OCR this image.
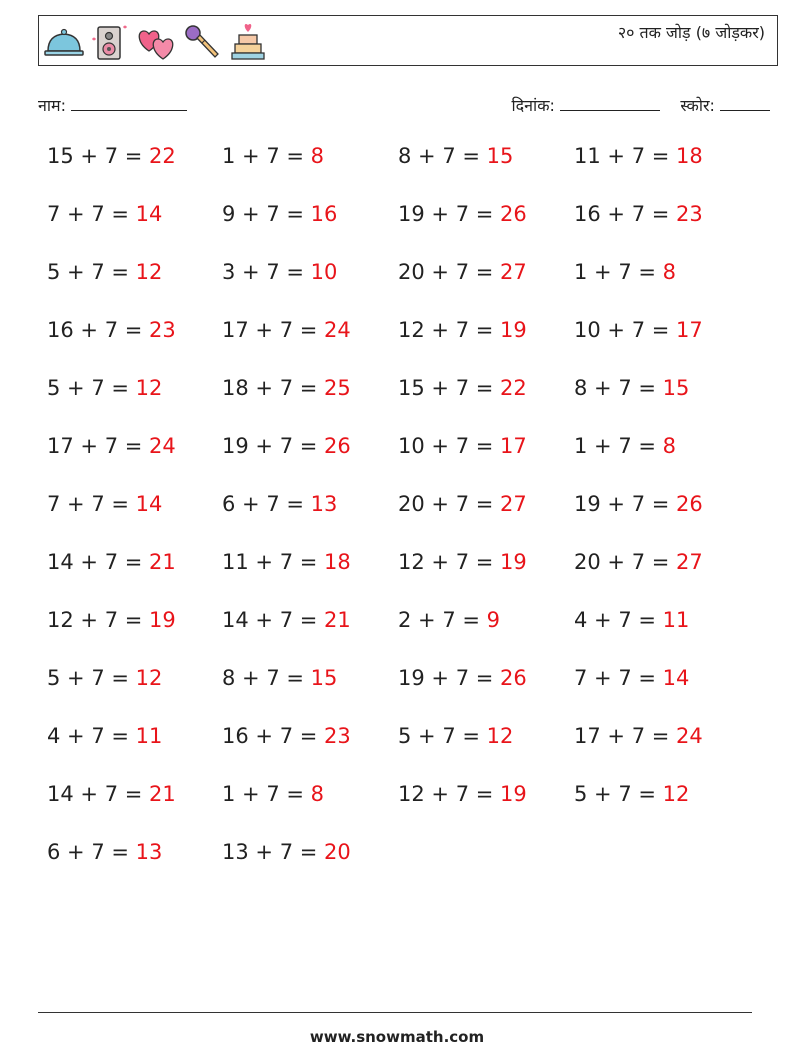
२० तक जोड़ (७ जोड़कर)
नाम:	दिनांक:	स्कोर:
15 + 7 = 22 1 + 7 = 8	8 + 7 = 15	11 + 7 = 18
7 + 7 = 14	9 + 7 = 16	19 + 7 = 26 16 + 7 = 23
5 + 7 = 12	3 + 7 = 10	20 + 7 = 27 1 + 7 = 8
16 + 7 = 23 17 + 7 = 24 12 + 7 = 19 10 + 7 = 17
5 + 7 = 12	18 + 7 = 25 15 + 7 = 22 8 + 7 = 15
17 + 7 = 24 19 + 7 = 26 10 + 7 = 17 1 + 7 = 8
7 + 7 = 14	6 + 7 = 13	20 + 7 = 27 19 + 7 = 26
14 + 7 = 21 11 + 7 = 18 12 + 7 = 19 20 + 7 = 27
12 + 7 = 19 14 + 7 = 21 2 + 7 = 9	4 + 7 = 11
5 + 7 = 12	8 + 7 = 15	19 + 7 = 26 7 + 7 = 14
4 + 7 = 11	16 + 7 = 23 5 + 7 = 12	17 + 7 = 24
14 + 7 = 21 1 + 7 = 8	12 + 7 = 19 5 + 7 = 12
6 + 7 = 13	13 + 7 = 20
www.snowmath.com
